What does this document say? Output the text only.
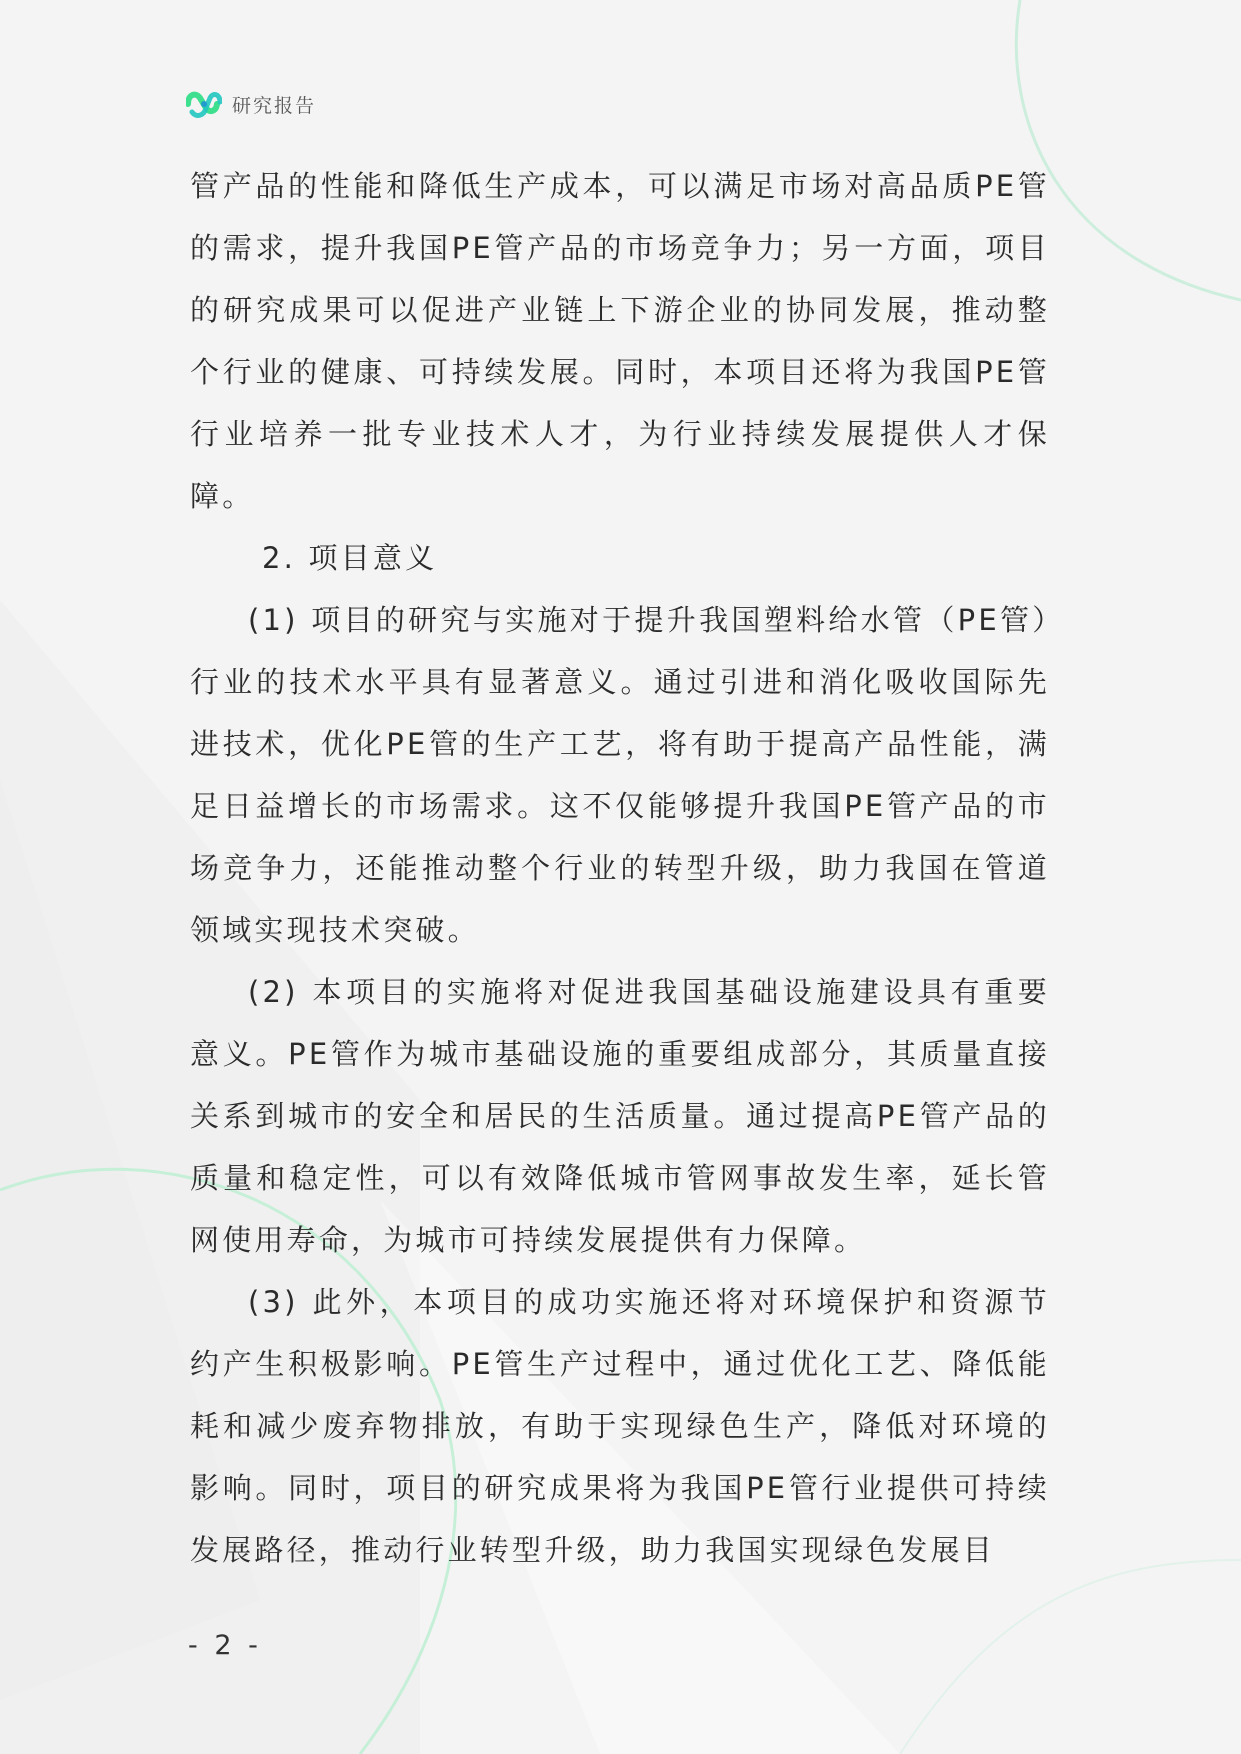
研究报告

管产品的性能和降低生产成本，可以满足市场对高品质PE管的需求，提升我国PE管产品的市场竞争力；另一方面，项目的研究成果可以促进产业链上下游企业的协同发展，推动整个行业的健康、可持续发展。同时，本项目还将为我国PE管行业培养一批专业技术人才，为行业持续发展提供人才保障。

2. 项目意义

(1) 项目的研究与实施对于提升我国塑料给水管（PE管）行业的技术水平具有显著意义。通过引进和消化吸收国际先进技术，优化PE管的生产工艺，将有助于提高产品性能，满足日益增长的市场需求。这不仅能够提升我国PE管产品的市场竞争力，还能推动整个行业的转型升级，助力我国在管道领域实现技术突破。

(2) 本项目的实施将对促进我国基础设施建设具有重要意义。PE管作为城市基础设施的重要组成部分，其质量直接关系到城市的安全和居民的生活质量。通过提高PE管产品的质量和稳定性，可以有效降低城市管网事故发生率，延长管网使用寿命，为城市可持续发展提供有力保障。

(3) 此外，本项目的成功实施还将对环境保护和资源节约产生积极影响。PE管生产过程中，通过优化工艺、降低能耗和减少废弃物排放，有助于实现绿色生产，降低对环境的影响。同时，项目的研究成果将为我国PE管行业提供可持续发展路径，推动行业转型升级，助力我国实现绿色发展目

- 2 -
